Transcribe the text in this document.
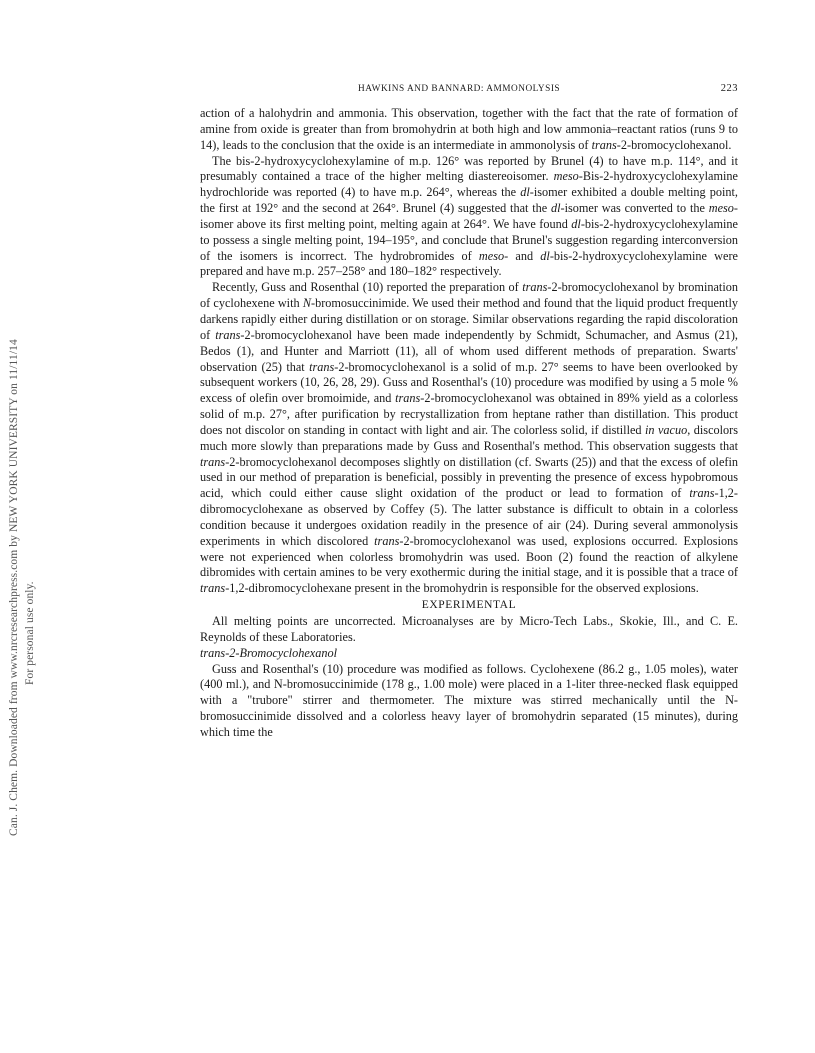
Can. J. Chem. Downloaded from www.nrcresearchpress.com by NEW YORK UNIVERSITY on 11/11/14 For personal use only.
HAWKINS AND BANNARD: AMMONOLYSIS	223

action of a halohydrin and ammonia. This observation, together with the fact that the rate of formation of amine from oxide is greater than from bromohydrin at both high and low ammonia–reactant ratios (runs 9 to 14), leads to the conclusion that the oxide is an intermediate in ammonolysis of trans-2-bromocyclohexanol.

The bis-2-hydroxycyclohexylamine of m.p. 126° was reported by Brunel (4) to have m.p. 114°, and it presumably contained a trace of the higher melting diastereoisomer. meso-Bis-2-hydroxycyclohexylamine hydrochloride was reported (4) to have m.p. 264°, whereas the dl-isomer exhibited a double melting point, the first at 192° and the second at 264°. Brunel (4) suggested that the dl-isomer was converted to the meso-isomer above its first melting point, melting again at 264°. We have found dl-bis-2-hydroxycyclohexylamine to possess a single melting point, 194–195°, and conclude that Brunel's suggestion regarding interconversion of the isomers is incorrect. The hydrobromides of meso- and dl-bis-2-hydroxycyclohexylamine were prepared and have m.p. 257–258° and 180–182° respectively.

Recently, Guss and Rosenthal (10) reported the preparation of trans-2-bromocyclohexanol by bromination of cyclohexene with N-bromosuccinimide. We used their method and found that the liquid product frequently darkens rapidly either during distillation or on storage. Similar observations regarding the rapid discoloration of trans-2-bromocyclohexanol have been made independently by Schmidt, Schumacher, and Asmus (21), Bedos (1), and Hunter and Marriott (11), all of whom used different methods of preparation. Swarts' observation (25) that trans-2-bromocyclohexanol is a solid of m.p. 27° seems to have been overlooked by subsequent workers (10, 26, 28, 29). Guss and Rosenthal's (10) procedure was modified by using a 5 mole % excess of olefin over bromoimide, and trans-2-bromocyclohexanol was obtained in 89% yield as a colorless solid of m.p. 27°, after purification by recrystallization from heptane rather than distillation. This product does not discolor on standing in contact with light and air. The colorless solid, if distilled in vacuo, discolors much more slowly than preparations made by Guss and Rosenthal's method. This observation suggests that trans-2-bromocyclohexanol decomposes slightly on distillation (cf. Swarts (25)) and that the excess of olefin used in our method of preparation is beneficial, possibly in preventing the presence of excess hypobromous acid, which could either cause slight oxidation of the product or lead to formation of trans-1,2-dibromocyclohexane as observed by Coffey (5). The latter substance is difficult to obtain in a colorless condition because it undergoes oxidation readily in the presence of air (24). During several ammonolysis experiments in which discolored trans-2-bromocyclohexanol was used, explosions occurred. Explosions were not experienced when colorless bromohydrin was used. Boon (2) found the reaction of alkylene dibromides with certain amines to be very exothermic during the initial stage, and it is possible that a trace of trans-1,2-dibromocyclohexane present in the bromohydrin is responsible for the observed explosions.

EXPERIMENTAL

All melting points are uncorrected. Microanalyses are by Micro-Tech Labs., Skokie, Ill., and C. E. Reynolds of these Laboratories.

trans-2-Bromocyclohexanol

Guss and Rosenthal's (10) procedure was modified as follows. Cyclohexene (86.2 g., 1.05 moles), water (400 ml.), and N-bromosuccinimide (178 g., 1.00 mole) were placed in a 1-liter three-necked flask equipped with a "trubore" stirrer and thermometer. The mixture was stirred mechanically until the N-bromosuccinimide dissolved and a colorless heavy layer of bromohydrin separated (15 minutes), during which time the
